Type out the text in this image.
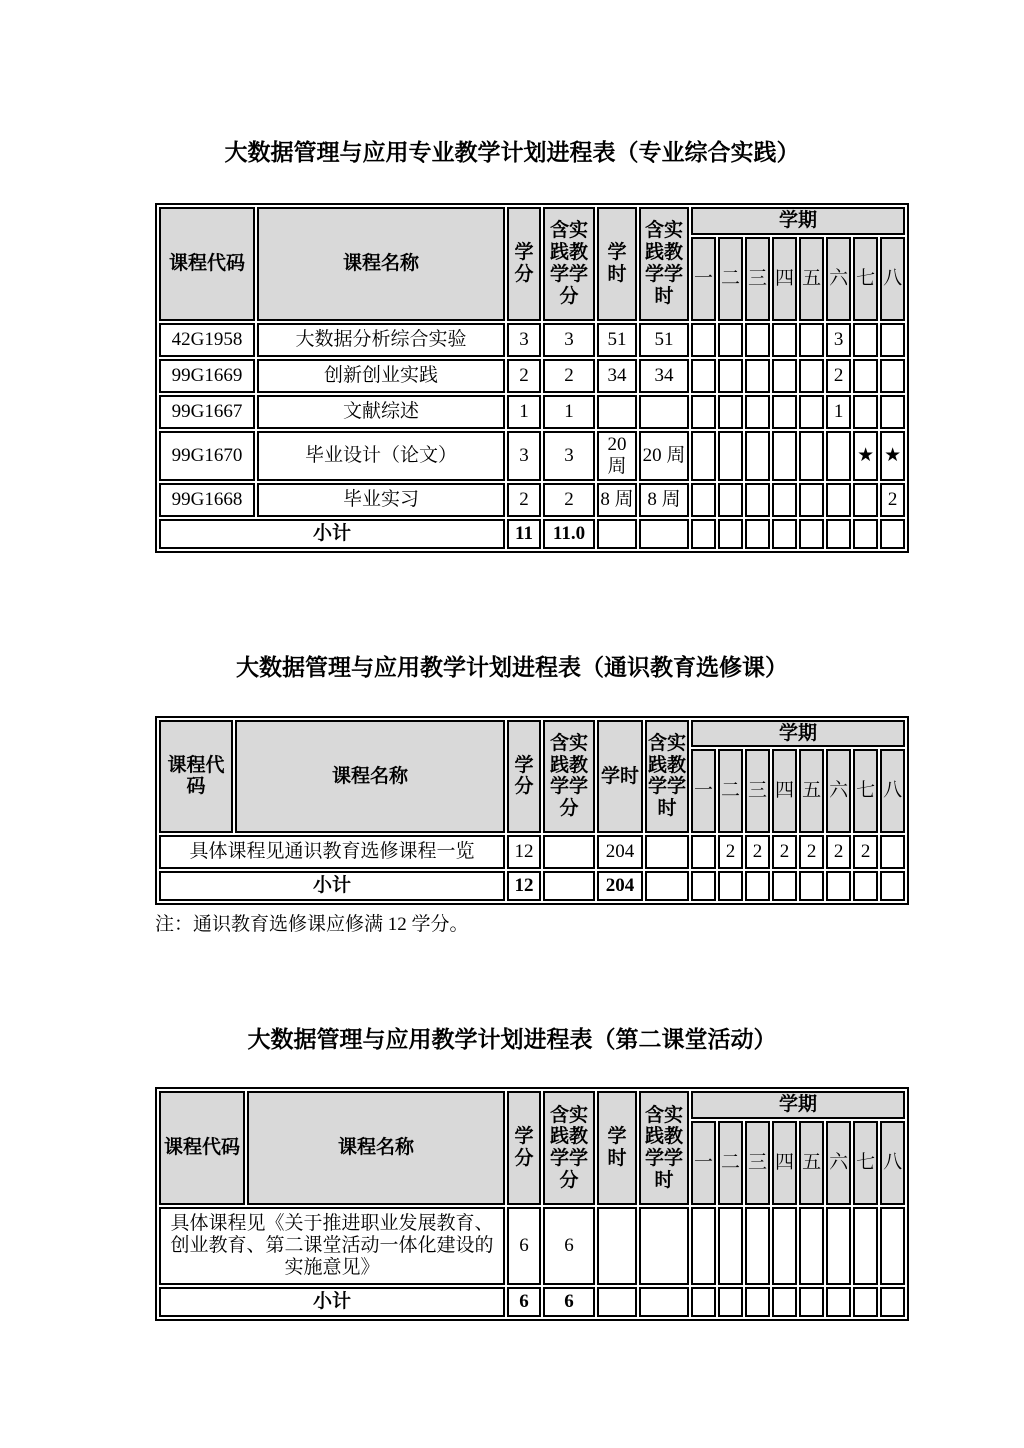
大数据管理与应用专业教学计划进程表（专业综合实践）
课程代码	课程名称	学分	含实践教学学分	学时	含实践教学学时	学期							
						一	二	三	四	五	六	七	八
42G1958	大数据分析综合实验	3	3	51	51						3		
99G1669	创新创业实践	2	2	34	34						2		
99G1667	文献综述	1	1								1		
99G1670	毕业设计（论文）	3	3	20 周	20 周							★	★
99G1668	毕业实习	2	2	8 周	8 周								2
小计		11	11.0										
大数据管理与应用教学计划进程表（通识教育选修课）
课程代码	课程名称	学分	含实践教学学分	学时	含实践教学学时	学期							
						一	二	三	四	五	六	七	八
具体课程见通识教育选修课程一览		12		204			2	2	2	2	2	2	
小计		12		204									
注：通识教育选修课应修满 12 学分。
大数据管理与应用教学计划进程表（第二课堂活动）
课程代码	课程名称	学分	含实践教学学分	学时	含实践教学学时	学期							
						一	二	三	四	五	六	七	八
具体课程见《关于推进职业发展教育、创业教育、第二课堂活动一体化建设的实施意见》		6	6										
小计		6	6										
